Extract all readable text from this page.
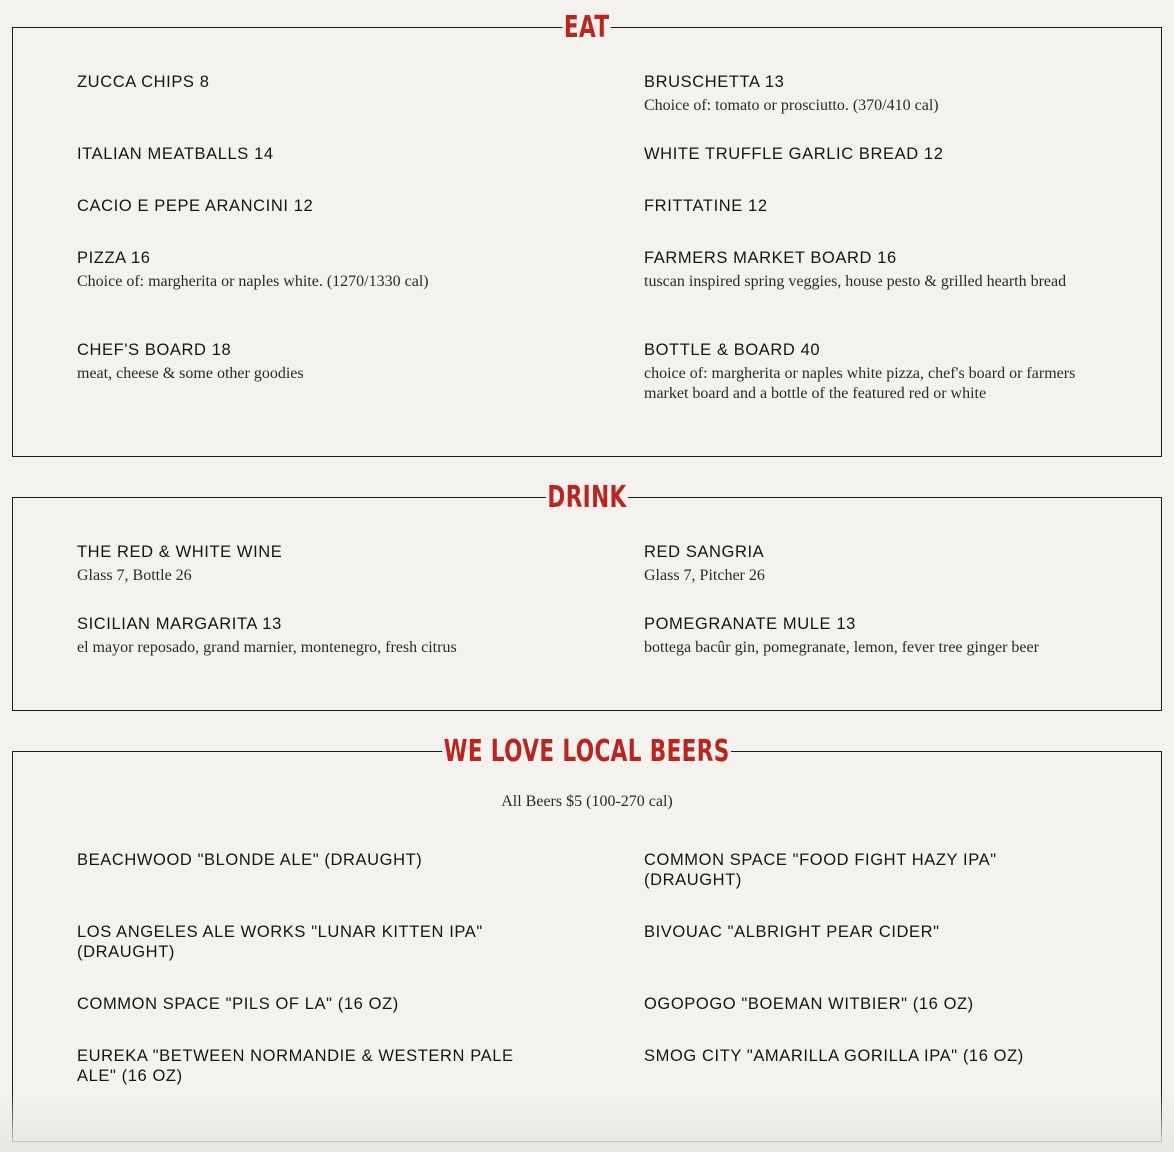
EAT
ZUCCA CHIPS 8	BRUSCHETTA 13
Choice of: tomato or prosciutto. (370/410 cal)
ITALIAN MEATBALLS 14	WHITE TRUFFLE GARLIC BREAD 12
CACIO E PEPE ARANCINI 12	FRITTATINE 12
PIZZA 16
Choice of: margherita or naples white. (1270/1330 cal)
FARMERS MARKET BOARD 16
tuscan inspired spring veggies, house pesto & grilled hearth bread
CHEF'S BOARD 18
meat, cheese & some other goodies
BOTTLE & BOARD 40
choice of: margherita or naples white pizza, chef's board or farmers market board and a bottle of the featured red or white
DRINK
THE RED & WHITE WINE
Glass 7, Bottle 26
RED SANGRIA
Glass 7, Pitcher 26
SICILIAN MARGARITA 13
el mayor reposado, grand marnier, montenegro, fresh citrus
POMEGRANATE MULE 13
bottega bacûr gin, pomegranate, lemon, fever tree ginger beer
WE LOVE LOCAL BEERS
All Beers $5 (100-270 cal)
BEACHWOOD "BLONDE ALE" (DRAUGHT)	COMMON SPACE "FOOD FIGHT HAZY IPA" (DRAUGHT)
LOS ANGELES ALE WORKS "LUNAR KITTEN IPA" (DRAUGHT)
BIVOUAC "ALBRIGHT PEAR CIDER"
COMMON SPACE "PILS OF LA" (16 OZ)	OGOPOGO "BOEMAN WITBIER" (16 OZ)
EUREKA "BETWEEN NORMANDIE & WESTERN PALE ALE" (16 OZ)
SMOG CITY "AMARILLA GORILLA IPA" (16 OZ)
